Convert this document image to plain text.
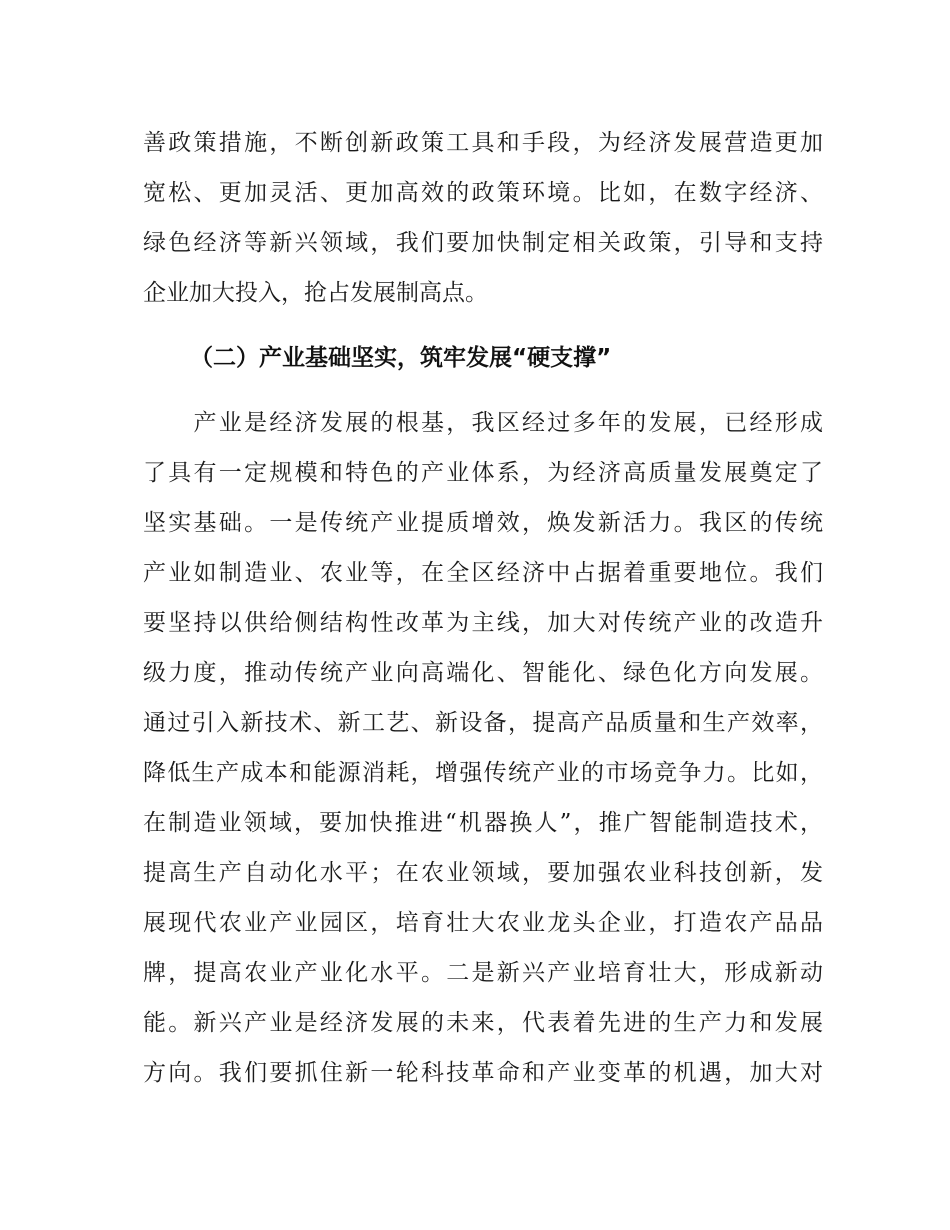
善政策措施，不断创新政策工具和手段，为经济发展营造更加
宽松、更加灵活、更加高效的政策环境。比如，在数字经济、
绿色经济等新兴领域，我们要加快制定相关政策，引导和支持
企业加大投入，抢占发展制高点。
（二）产业基础坚实，筑牢发展“硬支撑”
　　产业是经济发展的根基，我区经过多年的发展，已经形成
了具有一定规模和特色的产业体系，为经济高质量发展奠定了
坚实基础。一是传统产业提质增效，焕发新活力。我区的传统
产业如制造业、农业等，在全区经济中占据着重要地位。我们
要坚持以供给侧结构性改革为主线，加大对传统产业的改造升
级力度，推动传统产业向高端化、智能化、绿色化方向发展。
通过引入新技术、新工艺、新设备，提高产品质量和生产效率，
降低生产成本和能源消耗，增强传统产业的市场竞争力。比如，
在制造业领域，要加快推进“机器换人”，推广智能制造技术，
提高生产自动化水平；在农业领域，要加强农业科技创新，发
展现代农业产业园区，培育壮大农业龙头企业，打造农产品品
牌，提高农业产业化水平。二是新兴产业培育壮大，形成新动
能。新兴产业是经济发展的未来，代表着先进的生产力和发展
方向。我们要抓住新一轮科技革命和产业变革的机遇，加大对
